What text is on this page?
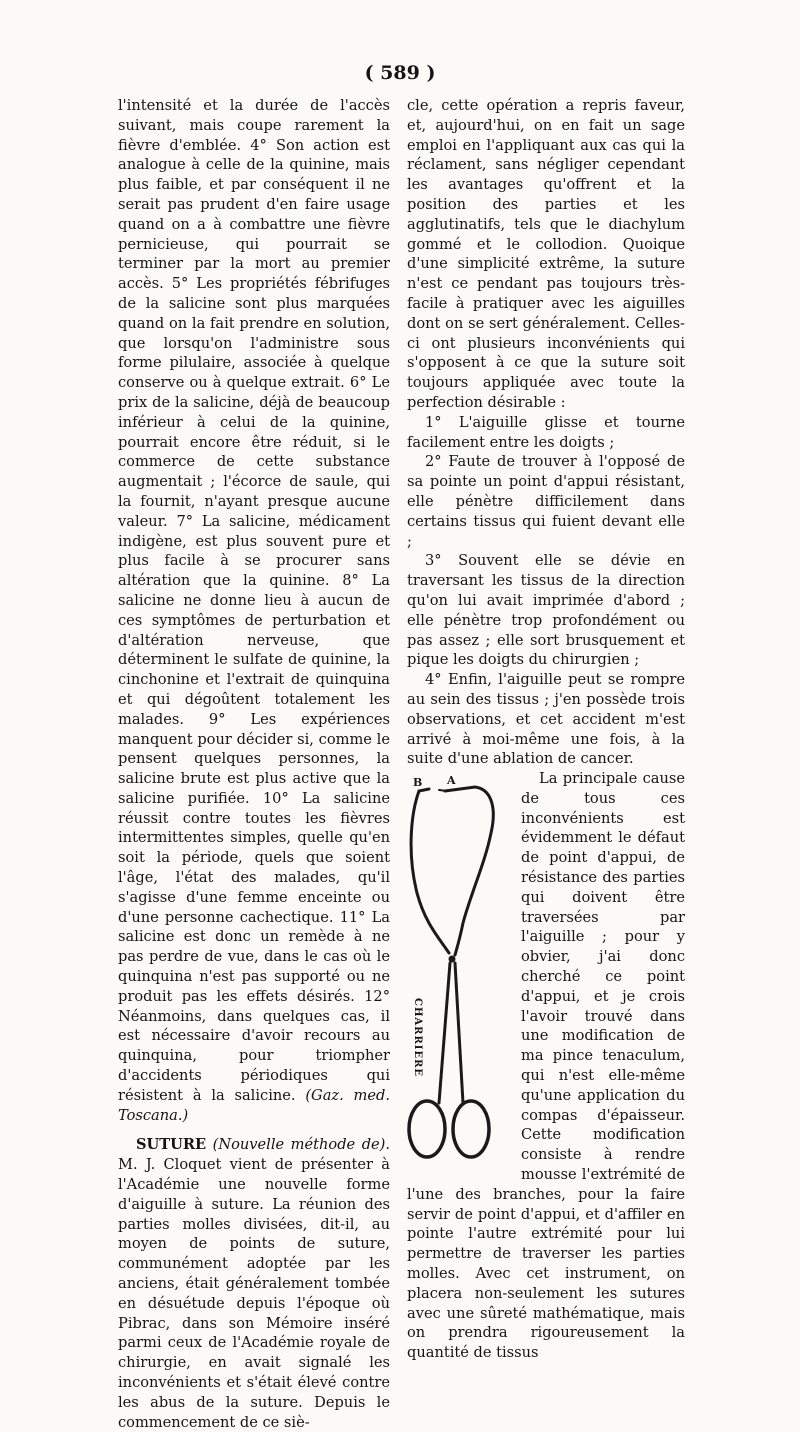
( 589 )

l'intensité et la durée de l'accès suivant, mais coupe rarement la fièvre d'emblée. 4° Son action est analogue à celle de la quinine, mais plus faible, et par conséquent il ne serait pas prudent d'en faire usage quand on a à combattre une fièvre pernicieuse, qui pourrait se terminer par la mort au premier accès. 5° Les propriétés fébrifuges de la salicine sont plus marquées quand on la fait prendre en solution, que lorsqu'on l'administre sous forme pilulaire, associée à quelque conserve ou à quelque extrait. 6° Le prix de la salicine, déjà de beaucoup inférieur à celui de la quinine, pourrait encore être réduit, si le commerce de cette substance augmentait ; l'écorce de saule, qui la fournit, n'ayant presque aucune valeur. 7° La salicine, médicament indigène, est plus souvent pure et plus facile à se procurer sans altération que la quinine. 8° La salicine ne donne lieu à aucun de ces symptômes de perturbation et d'altération nerveuse, que déterminent le sulfate de quinine, la cinchonine et l'extrait de quinquina et qui dégoûtent totalement les malades. 9° Les expériences manquent pour décider si, comme le pensent quelques personnes, la salicine brute est plus active que la salicine purifiée. 10° La salicine réussit contre toutes les fièvres intermittentes simples, quelle qu'en soit la période, quels que soient l'âge, l'état des malades, qu'il s'agisse d'une femme enceinte ou d'une personne cachectique. 11° La salicine est donc un remède à ne pas perdre de vue, dans le cas où le quinquina n'est pas supporté ou ne produit pas les effets désirés. 12° Néanmoins, dans quelques cas, il est nécessaire d'avoir recours au quinquina, pour triompher d'accidents périodiques qui résistent à la salicine. (Gaz. med. Toscana.)

SUTURE (Nouvelle méthode de). M. J. Cloquet vient de présenter à l'Académie une nouvelle forme d'aiguille à suture. La réunion des parties molles divisées, dit-il, au moyen de points de suture, communément adoptée par les anciens, était généralement tombée en désuétude depuis l'époque où Pibrac, dans son Mémoire inséré parmi ceux de l'Académie royale de chirurgie, en avait signalé les inconvénients et s'était élevé contre les abus de la suture. Depuis le commencement de ce siè-

cle, cette opération a repris faveur, et, aujourd'hui, on en fait un sage emploi en l'appliquant aux cas qui la réclament, sans négliger cependant les avantages qu'offrent et la position des parties et les agglutinatifs, tels que le diachylum gommé et le collodion. Quoique d'une simplicité extrême, la suture n'est ce pendant pas toujours très-facile à pratiquer avec les aiguilles dont on se sert généralement. Celles-ci ont plusieurs inconvénients qui s'opposent à ce que la suture soit toujours appliquée avec toute la perfection désirable :

1° L'aiguille glisse et tourne facilement entre les doigts ;

2° Faute de trouver à l'opposé de sa pointe un point d'appui résistant, elle pénètre difficilement dans certains tissus qui fuient devant elle ;

3° Souvent elle se dévie en traversant les tissus de la direction qu'on lui avait imprimée d'abord ; elle pénètre trop profondément ou pas assez ; elle sort brusquement et pique les doigts du chirurgien ;

4° Enfin, l'aiguille peut se rompre au sein des tissus ; j'en possède trois observations, et cet accident m'est arrivé à moi-même une fois, à la suite d'une ablation de cancer.

B A
CHARRIERE

La principale cause de tous ces inconvénients est évidemment le défaut de point d'appui, de résistance des parties qui doivent être traversées par l'aiguille ; pour y obvier, j'ai donc cherché ce point d'appui, et je crois l'avoir trouvé dans une modification de ma pince tenaculum, qui n'est elle-même qu'une application du compas d'épaisseur. Cette modification consiste à rendre mousse l'extrémité de l'une des branches, pour la faire servir de point d'appui, et d'affiler en pointe l'autre extrémité pour lui permettre de traverser les parties molles. Avec cet instrument, on placera non-seulement les sutures avec une sûreté mathématique, mais on prendra rigoureusement la quantité de tissus
